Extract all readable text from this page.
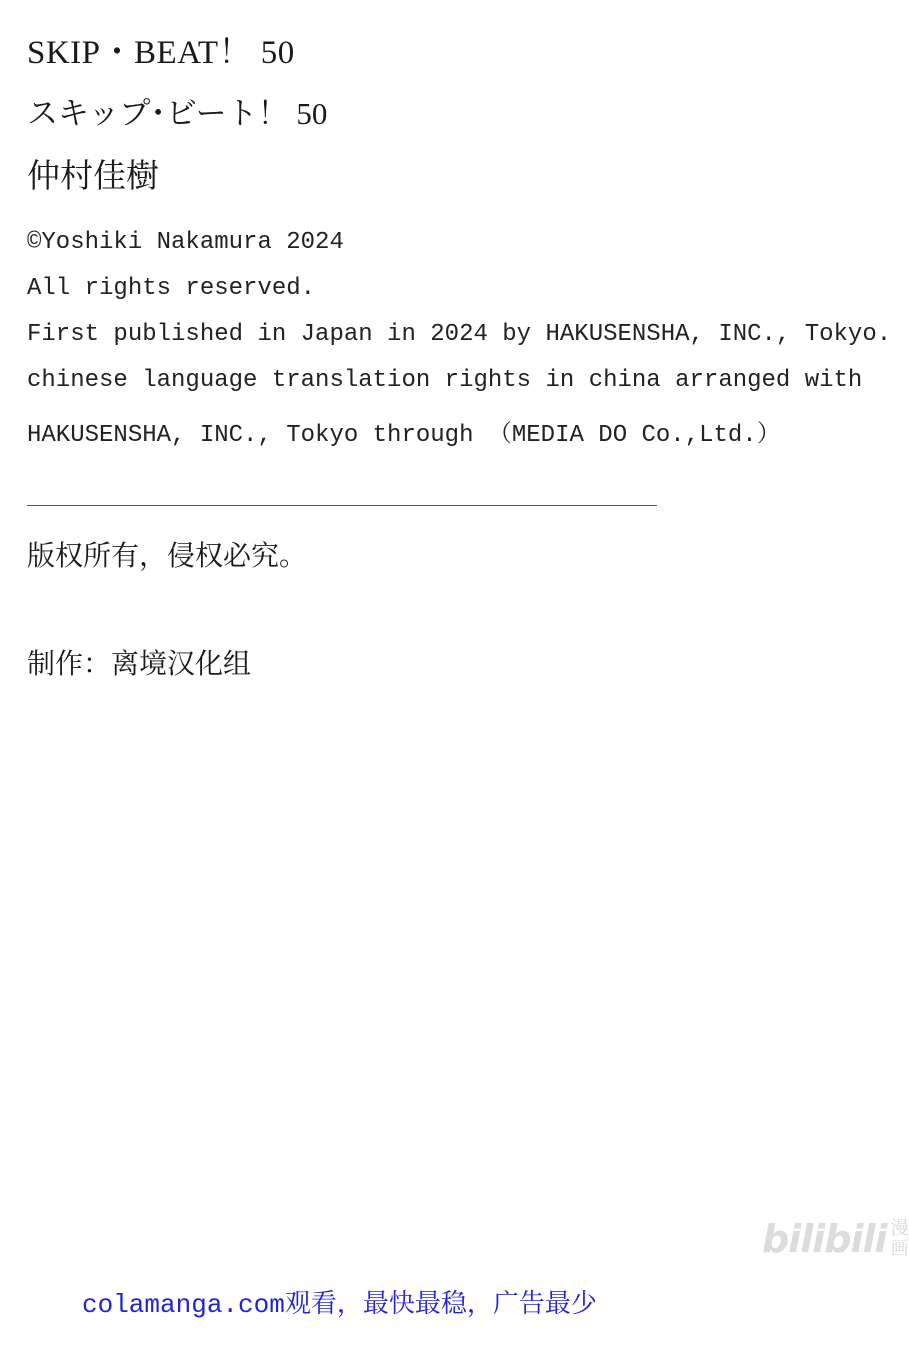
SKIP・BEAT！ 50

スキップ･ビート！ 50

仲村佳樹

©Yoshiki Nakamura 2024

All rights reserved.

First published in Japan in 2024 by HAKUSENSHA, INC., Tokyo.

chinese language translation rights in china arranged with

HAKUSENSHA, INC., Tokyo through （MEDIA DO Co.,Ltd.）

版权所有，侵权必究。

制作：离境汉化组

bilibili 漫画
colamanga.com观看，最快最稳，广告最少
